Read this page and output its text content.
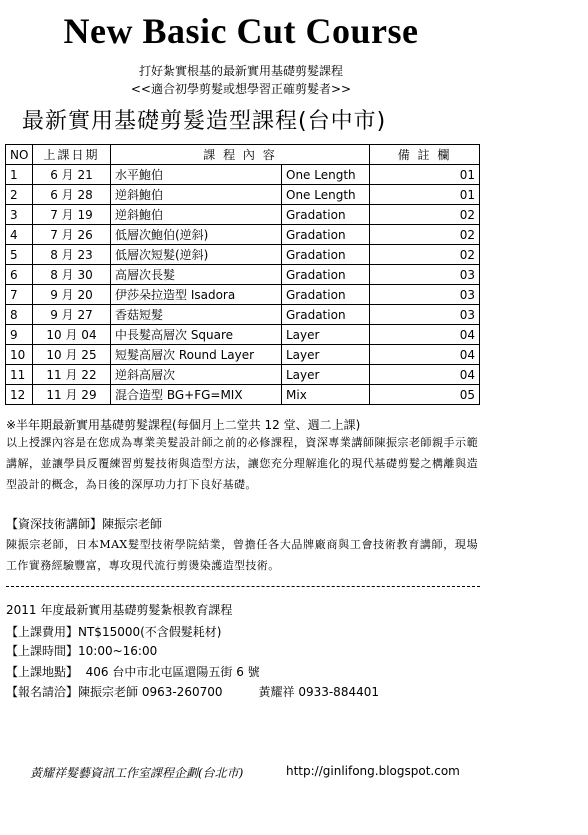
New Basic Cut Course
打好紮實根基的最新實用基礎剪髮課程
<<適合初學剪髮或想學習正確剪髮者>>
最新實用基礎剪髮造型課程(台中市)
NO	上課日期	課 程 內 容		備 註 欄
1	6 月 21	水平鮑伯	One Length	01
2	6 月 28	逆斜鮑伯	One Length	01
3	7 月 19	逆斜鮑伯	Gradation	02
4	7 月 26	低層次鮑伯(逆斜)	Gradation	02
5	8 月 23	低層次短髮(逆斜)	Gradation	02
6	8 月 30	高層次長髮	Gradation	03
7	9 月 20	伊莎朵拉造型 Isadora	Gradation	03
8	9 月 27	香菇短髮	Gradation	03
9	10 月 04	中長髮高層次 Square	Layer	04
10	10 月 25	短髮高層次 Round Layer	Layer	04
11	11 月 22	逆斜高層次	Layer	04
12	11 月 29	混合造型 BG+FG=MIX	Mix	05
※半年期最新實用基礎剪髮課程(每個月上二堂共 12 堂、週二上課)
以上授課內容是在您成為專業美髮設計師之前的必修課程，資深專業講師陳振宗老師親手示範講解，並讓學員反覆練習剪髮技術與造型方法，讓您充分理解進化的現代基礎剪髮之構離與造型設計的概念，為日後的深厚功力打下良好基礎。
【資深技術講師】陳振宗老師
陳振宗老師，日本MAX髮型技術學院結業，曾擔任各大品牌廠商與工會技術教育講師，現場工作實務經驗豐富，專攻現代流行剪燙染護造型技術。
2011 年度最新實用基礎剪髮紮根教育課程
【上課費用】NT$15000(不含假髮耗材)
【上課時間】10:00~16:00
【上課地點】 406 台中市北屯區還陽五街 6 號
【報名請洽】陳振宗老師 0963-260700	黃耀祥 0933-884401
黃耀祥髮藝資訊工作室課程企劃(台北市)	http://ginlifong.blogspot.com
